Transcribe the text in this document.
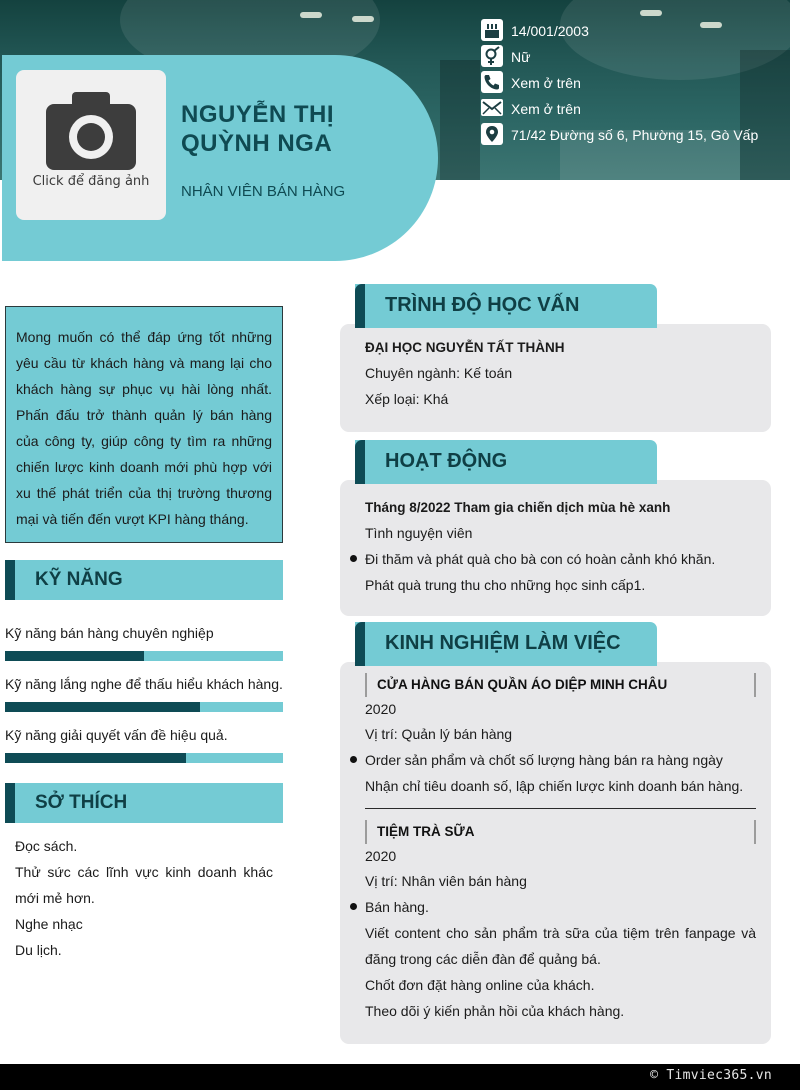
Click để đăng ảnh
NGUYỄN THỊ QUỲNH NGA
NHÂN VIÊN BÁN HÀNG
14/001/2003
Nữ
Xem ở trên
Xem ở trên
71/42 Đường số 6, Phường 15, Gò Vấp

Mong muốn có thể đáp ứng tốt những yêu cầu từ khách hàng và mang lại cho khách hàng sự phục vụ hài lòng nhất. Phấn đấu trở thành quản lý bán hàng của công ty, giúp công ty tìm ra những chiến lược kinh doanh mới phù hợp với xu thế phát triển của thị trường thương mại và tiến đến vượt KPI hàng tháng.

KỸ NĂNG
Kỹ năng bán hàng chuyên nghiệp
Kỹ năng lắng nghe để thấu hiểu khách hàng.
Kỹ năng giải quyết vấn đề hiệu quả.
SỞ THÍCH

Đọc sách.

Thử sức các lĩnh vực kinh doanh khác mới mẻ hơn.

Nghe nhạc

Du lịch.

TRÌNH ĐỘ HỌC VẤN
ĐẠI HỌC NGUYỄN TẤT THÀNH
Chuyên ngành: Kế toán
Xếp loại: Khá
HOẠT ĐỘNG
Tháng 8/2022 Tham gia chiến dịch mùa hè xanh
Tình nguyện viên
Đi thăm và phát quà cho bà con có hoàn cảnh khó khăn.
Phát quà trung thu cho những học sinh cấp1.
KINH NGHIỆM LÀM VIỆC
CỬA HÀNG BÁN QUẦN ÁO DIỆP MINH CHÂU
2020
Vị trí: Quản lý bán hàng
Order sản phẩm và chốt số lượng hàng bán ra hàng ngày
Nhận chỉ tiêu doanh số, lập chiến lược kinh doanh bán hàng.
TIỆM TRÀ SỮA
2020
Vị trí: Nhân viên bán hàng
Bán hàng.
Viết content cho sản phẩm trà sữa của tiệm trên fanpage và đăng trong các diễn đàn để quảng bá.
Chốt đơn đặt hàng online của khách.
Theo dõi ý kiến phản hồi của khách hàng.
© Timviec365.vn
